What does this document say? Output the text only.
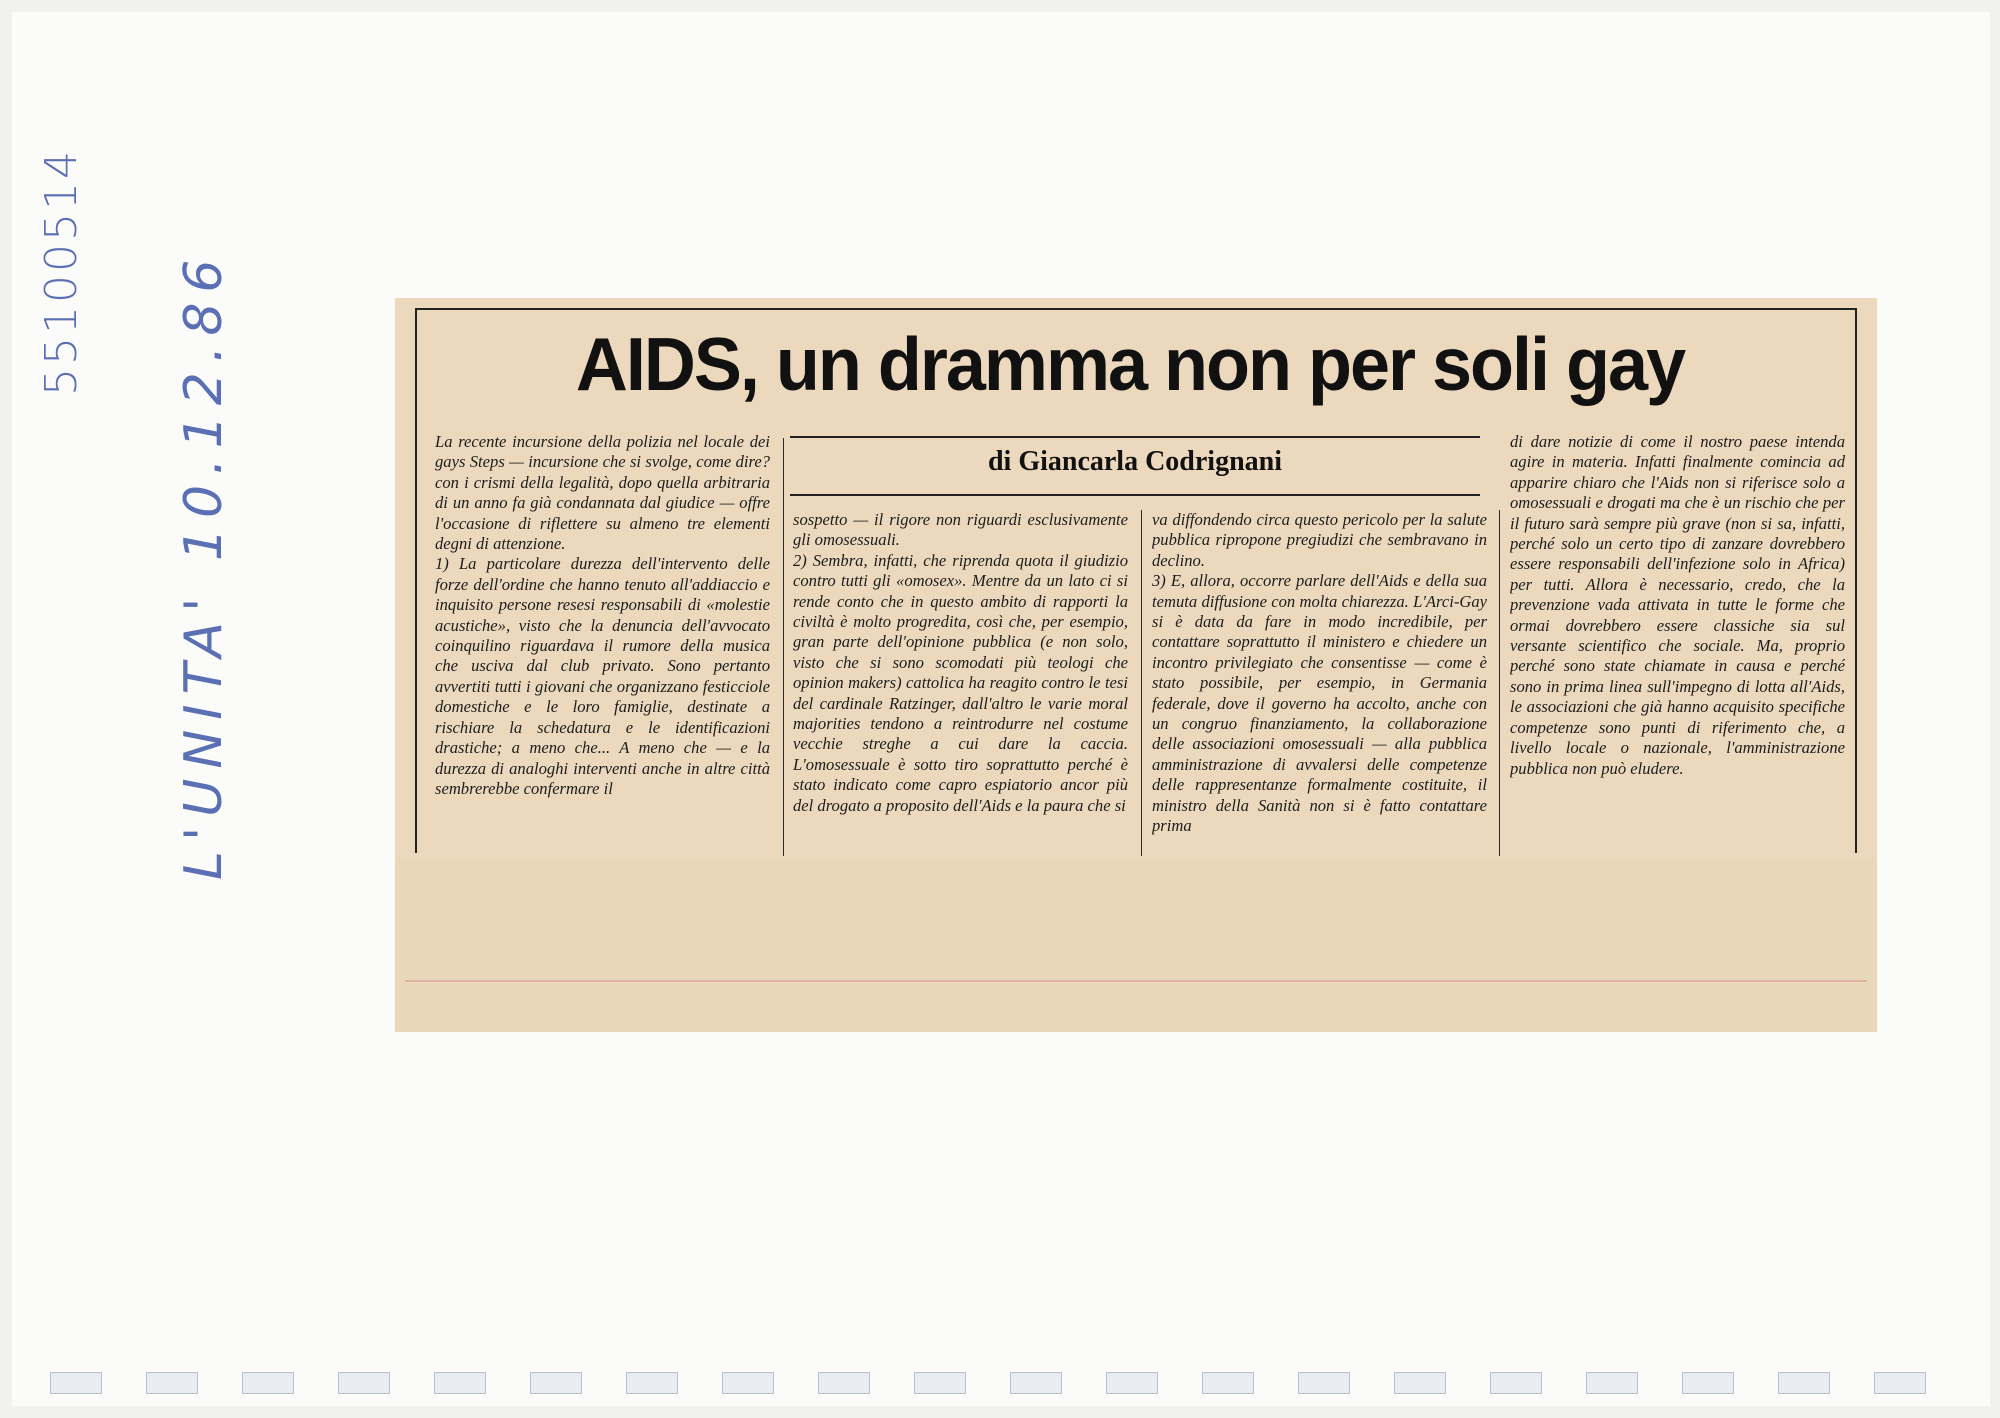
55100514 L'UNITA' 10.12.86	AIDS, un dramma non per soli gay
di Giancarla Codrignani
La recente incursione della polizia nel locale dei gays Steps — incursione che si svolge, come dire? con i crismi della legalità, dopo quella arbitraria di un anno fa già condannata dal giudice — offre l'occasione di riflettere su almeno tre elementi degni di attenzione.
1) La particolare durezza dell'intervento delle forze dell'ordine che hanno tenuto all'addiaccio e inquisito persone resesi responsabili di «molestie acustiche», visto che la denuncia dell'avvocato coinquilino riguardava il rumore della musica che usciva dal club privato. Sono pertanto avvertiti tutti i giovani che organizzano festicciole domestiche e le loro famiglie, destinate a rischiare la schedatura e le identificazioni drastiche; a meno che... A meno che — e la durezza di analoghi interventi anche in altre città sembrerebbe confermare il
sospetto — il rigore non riguardi esclusivamente gli omosessuali.
2) Sembra, infatti, che riprenda quota il giudizio contro tutti gli «omosex». Mentre da un lato ci si rende conto che in questo ambito di rapporti la civiltà è molto progredita, così che, per esempio, gran parte dell'opinione pubblica (e non solo, visto che si sono scomodati più teologi che opinion makers) cattolica ha reagito contro le tesi del cardinale Ratzinger, dall'altro le varie moral majorities tendono a reintrodurre nel costume vecchie streghe a cui dare la caccia. L'omosessuale è sotto tiro soprattutto perché è stato indicato come capro espiatorio ancor più del drogato a proposito dell'Aids e la paura che si
va diffondendo circa questo pericolo per la salute pubblica ripropone pregiudizi che sembravano in declino.
3) E, allora, occorre parlare dell'Aids e della sua temuta diffusione con molta chiarezza. L'Arci-Gay si è data da fare in modo incredibile, per contattare soprattutto il ministero e chiedere un incontro privilegiato che consentisse — come è stato possibile, per esempio, in Germania federale, dove il governo ha accolto, anche con un congruo finanziamento, la collaborazione delle associazioni omosessuali — alla pubblica amministrazione di avvalersi delle competenze delle rappresentanze formalmente costituite, il ministro della Sanità non si è fatto contattare prima
di dare notizie di come il nostro paese intenda agire in materia. Infatti finalmente comincia ad apparire chiaro che l'Aids non si riferisce solo a omosessuali e drogati ma che è un rischio che per il futuro sarà sempre più grave (non si sa, infatti, perché solo un certo tipo di zanzare dovrebbero essere responsabili dell'infezione solo in Africa) per tutti. Allora è necessario, credo, che la prevenzione vada attivata in tutte le forme che ormai dovrebbero essere classiche sia sul versante scientifico che sociale. Ma, proprio perché sono state chiamate in causa e perché sono in prima linea sull'impegno di lotta all'Aids, le associazioni che già hanno acquisito specifiche competenze sono punti di riferimento che, a livello locale o nazionale, l'amministrazione pubblica non può eludere.
